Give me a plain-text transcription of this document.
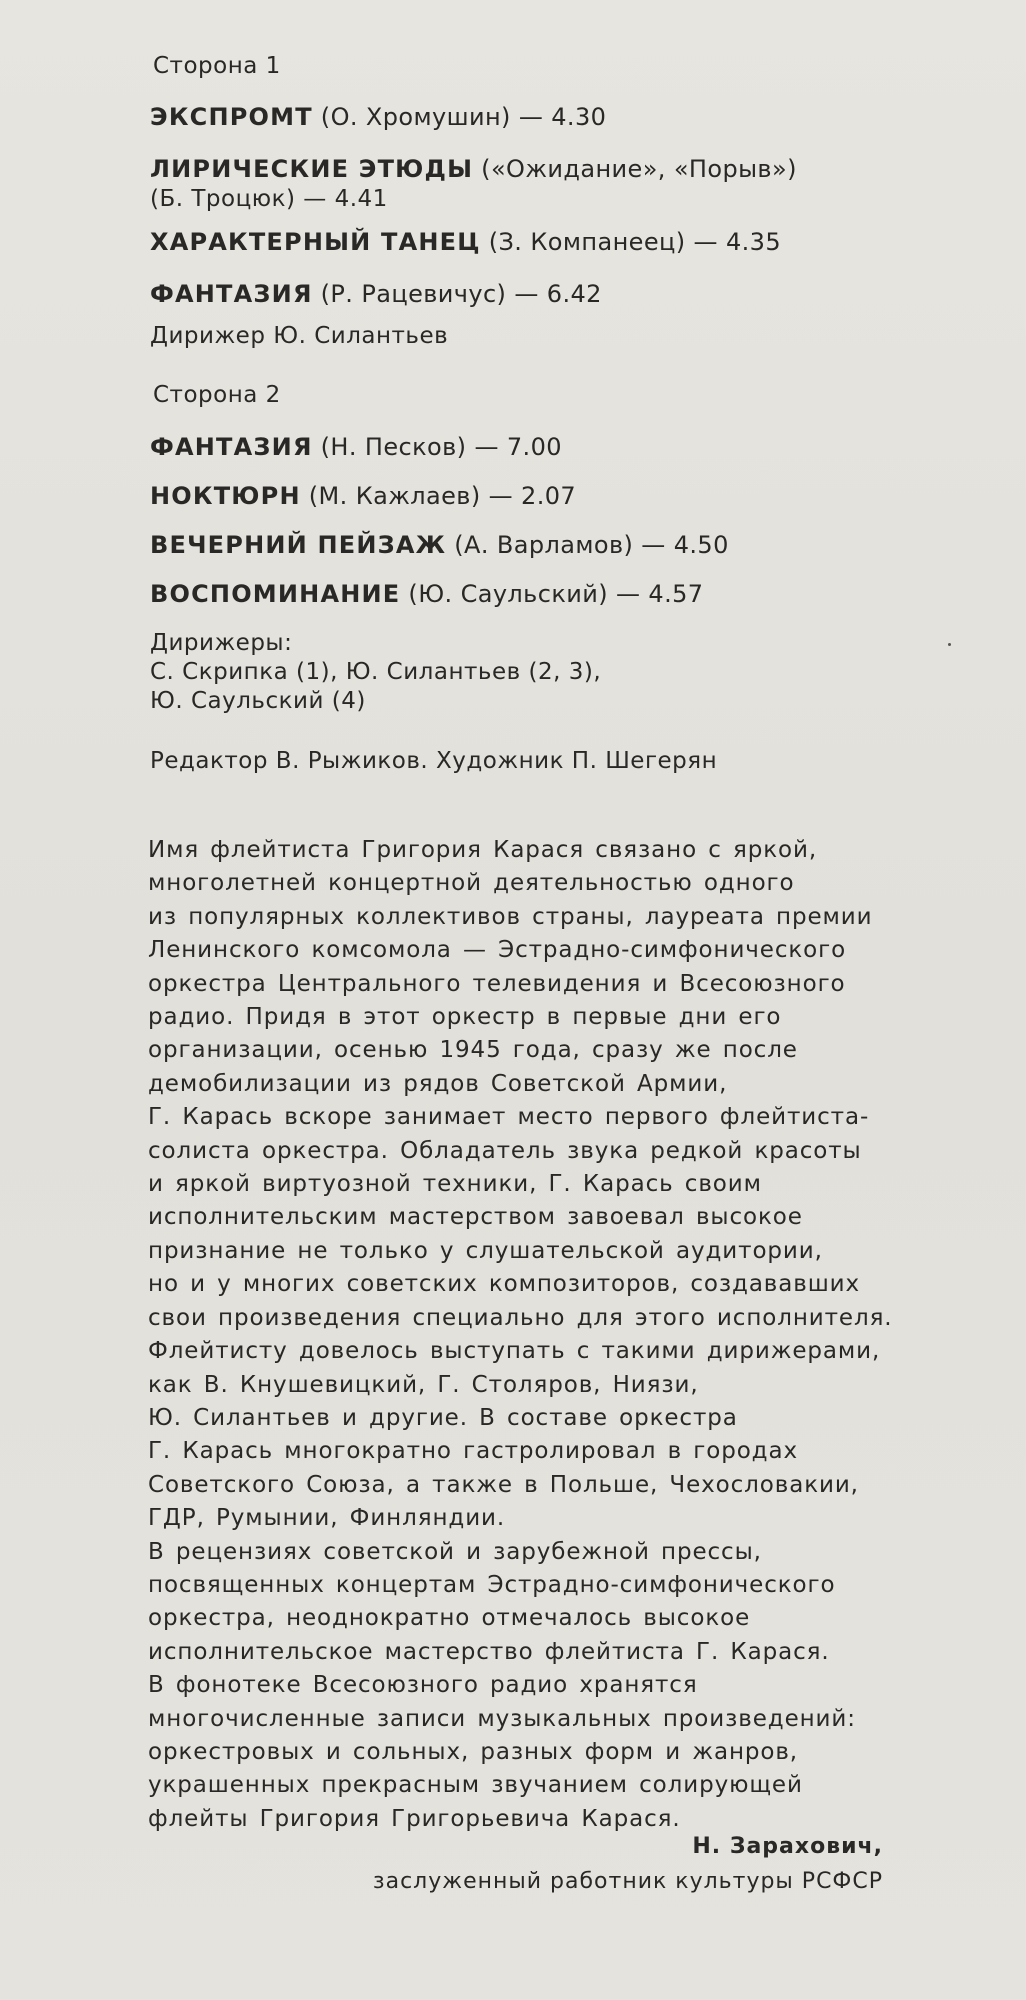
Сторона 1
ЭКСПРОМТ (О. Хромушин) — 4.30
ЛИРИЧЕСКИЕ ЭТЮДЫ («Ожидание», «Порыв»)
(Б. Троцюк) — 4.41
ХАРАКТЕРНЫЙ ТАНЕЦ (З. Компанеец) — 4.35
ФАНТАЗИЯ (Р. Рацевичус) — 6.42
Дирижер Ю. Силантьев
Сторона 2
ФАНТАЗИЯ (Н. Песков) — 7.00
НОКТЮРН (М. Кажлаев) — 2.07
ВЕЧЕРНИЙ ПЕЙЗАЖ (А. Варламов) — 4.50
ВОСПОМИНАНИЕ (Ю. Саульский) — 4.57
Дирижеры:
С. Скрипка (1), Ю. Силантьев (2, 3),
Ю. Саульский (4)
Редактор В. Рыжиков. Художник П. Шегерян
Имя флейтиста Григория Карася связано с яркой,
многолетней концертной деятельностью одного
из популярных коллективов страны, лауреата премии
Ленинского комсомола — Эстрадно-симфонического
оркестра Центрального телевидения и Всесоюзного
радио. Придя в этот оркестр в первые дни его
организации, осенью 1945 года, сразу же после
демобилизации из рядов Советской Армии,
Г. Карась вскоре занимает место первого флейтиста-
солиста оркестра. Обладатель звука редкой красоты
и яркой виртуозной техники, Г. Карась своим
исполнительским мастерством завоевал высокое
признание не только у слушательской аудитории,
но и у многих советских композиторов, создававших
свои произведения специально для этого исполнителя.
Флейтисту довелось выступать с такими дирижерами,
как В. Кнушевицкий, Г. Столяров, Ниязи,
Ю. Силантьев и другие. В составе оркестра
Г. Карась многократно гастролировал в городах
Советского Союза, а также в Польше, Чехословакии,
ГДР, Румынии, Финляндии.
В рецензиях советской и зарубежной прессы,
посвященных концертам Эстрадно-симфонического
оркестра, неоднократно отмечалось высокое
исполнительское мастерство флейтиста Г. Карася.
В фонотеке Всесоюзного радио хранятся
многочисленные записи музыкальных произведений:
оркестровых и сольных, разных форм и жанров,
украшенных прекрасным звучанием солирующей
флейты Григория Григорьевича Карася.
Н. Зарахович,
заслуженный работник культуры РСФСР
